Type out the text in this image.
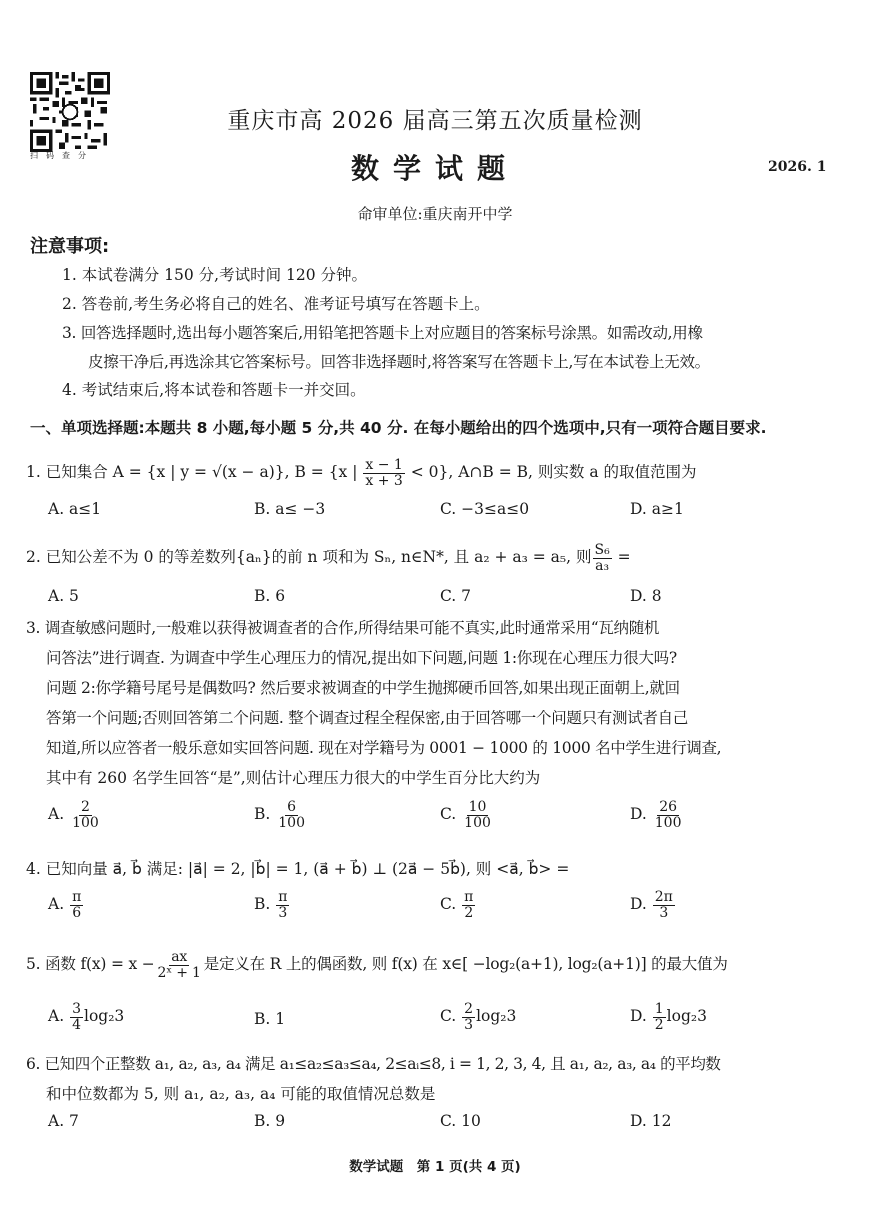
扫码查分
重庆市高 2026 届高三第五次质量检测
数学试题	2026. 1
命审单位:重庆南开中学
注意事项:
1. 本试卷满分 150 分,考试时间 120 分钟。
2. 答卷前,考生务必将自己的姓名、准考证号填写在答题卡上。
3. 回答选择题时,选出每小题答案后,用铅笔把答题卡上对应题目的答案标号涂黑。如需改动,用橡
皮擦干净后,再选涂其它答案标号。回答非选择题时,将答案写在答题卡上,写在本试卷上无效。
4. 考试结束后,将本试卷和答题卡一并交回。
一、单项选择题:本题共 8 小题,每小题 5 分,共 40 分. 在每小题给出的四个选项中,只有一项符合题目要求.
1. 已知集合 A = {x | y = √(x − a)}, B = {x | $\frac{x - 1}{x + 3} < 0$}, A∩B = B, 则实数 a 的取值范围为
A. a≤1	B. a≤ −3	C. −3≤a≤0	D. a≥1
2. 已知公差不为 0 的等差数列{aₙ}的前 n 项和为 Sₙ, n∈N*, 且 a₂ + a₃ = a₅, 则 $\frac{\text{S₆}}{\text{a₃}}$ =
A. 5	B. 6	C. 7	D. 8
3. 调查敏感问题时,一般难以获得被调查者的合作,所得结果可能不真实,此时通常采用“瓦纳随机
问答法”进行调查. 为调查中学生心理压力的情况,提出如下问题,问题 1:你现在心理压力很大吗?
问题 2:你学籍号尾号是偶数吗? 然后要求被调查的中学生抛掷硬币回答,如果出现正面朝上,就回
答第一个问题;否则回答第二个问题. 整个调查过程全程保密,由于回答哪一个问题只有测试者自己
知道,所以应答者一般乐意如实回答问题. 现在对学籍号为 0001 − 1000 的 1000 名中学生进行调查,
其中有 260 名学生回答“是”,则估计心理压力很大的中学生百分比大约为
A. $\frac{2}{100}$	B. $\frac{6}{100}$	C. $\frac{10}{100}$	D. $\frac{26}{100}$
4. 已知向量 a⃗, b⃗ 满足: |a⃗| = 2, |b⃗| = 1, (a⃗ + b⃗) ⊥ (2a⃗ − 5b⃗), 则 <a⃗, b⃗> =
A. $\frac{\pi}{6}$	B. $\frac{\pi}{3}$	C. $\frac{\pi}{2}$	D. $\frac{2\pi}{3}$
5. 函数 $f(x) = x - \frac{ax}{\text{2ˣ + 1}}$ 是定义在 R 上的偶函数, 则 f(x) 在 x∈[ −log₂(a+1), log₂(a+1)] 的最大值为
A. $\frac{3}{4} \log_23$	B. 1	C. $\frac{2}{3} \log_23$	D. $\frac{1}{2} \log_23$
6. 已知四个正整数 a₁, a₂, a₃, a₄ 满足 a₁≤a₂≤a₃≤a₄, 2≤aᵢ≤8, i = 1, 2, 3, 4, 且 a₁, a₂, a₃, a₄ 的平均数
和中位数都为 5, 则 a₁, a₂, a₃, a₄ 可能的取值情况总数是
A. 7	B. 9	C. 10	D. 12
数学试题　第 1 页(共 4 页)
